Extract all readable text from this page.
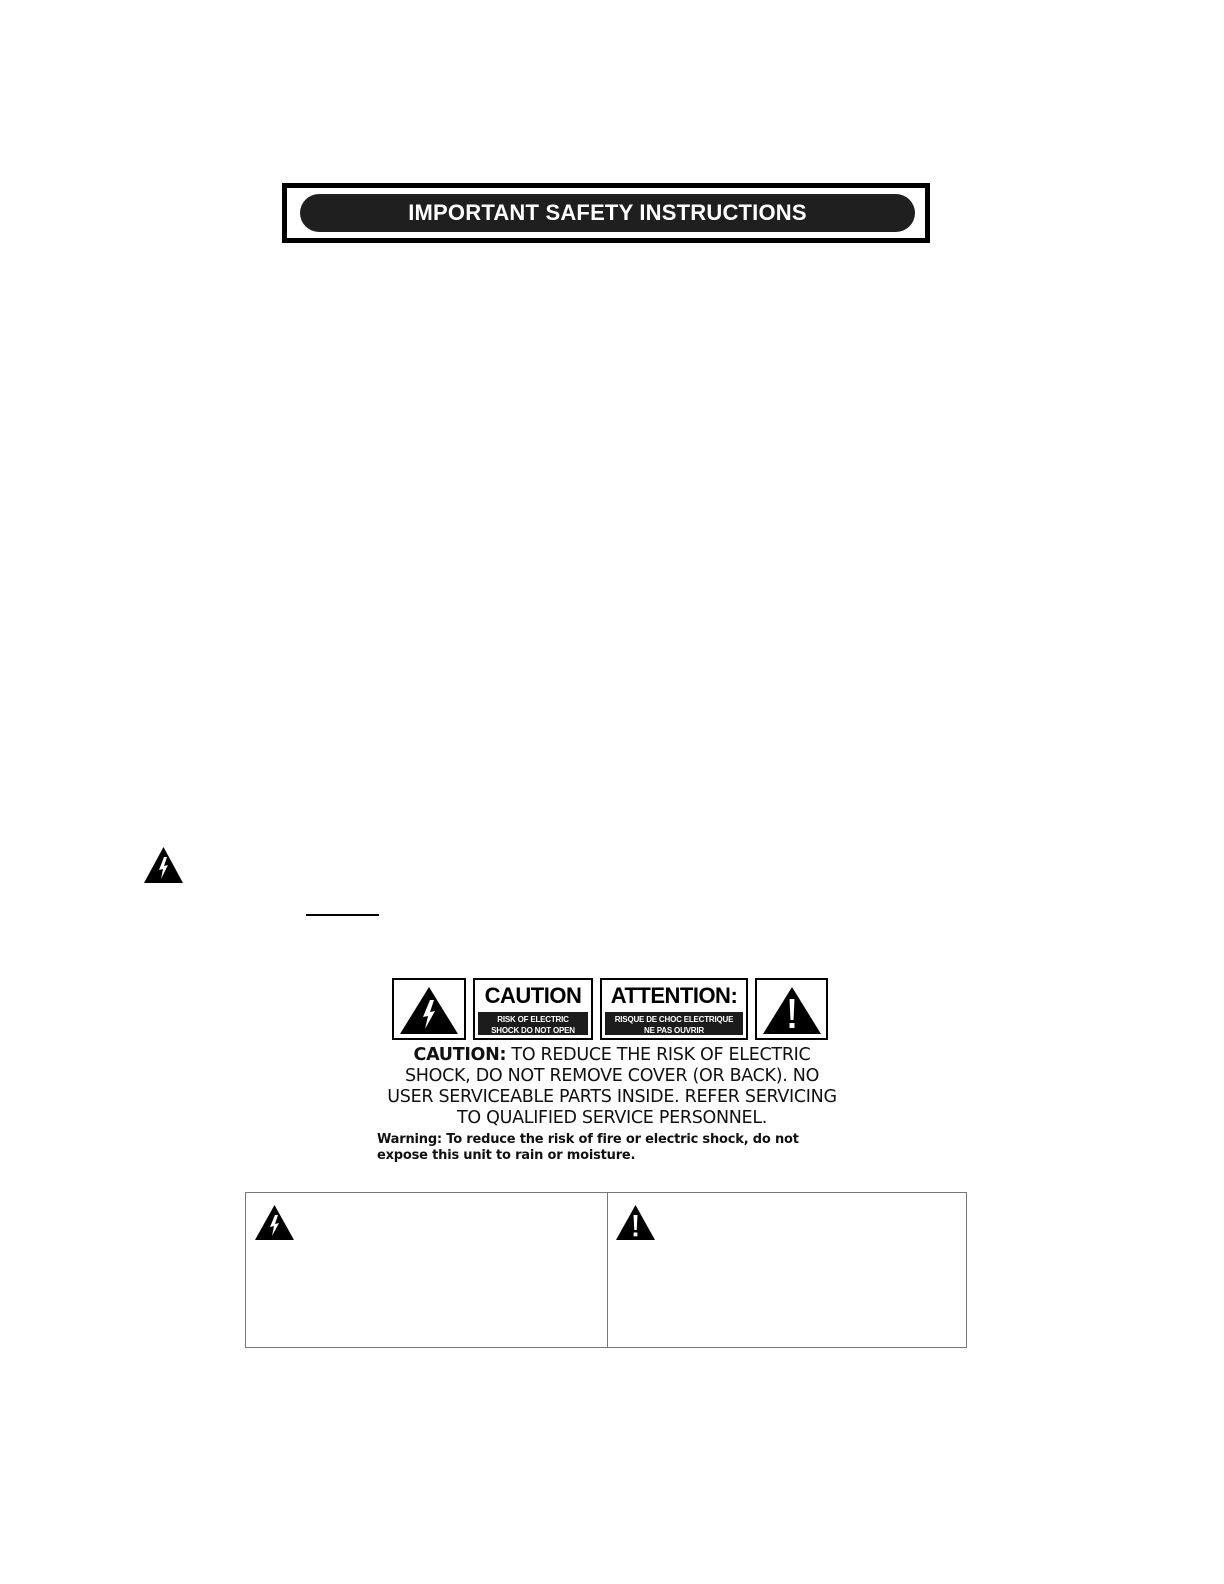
IMPORTANT SAFETY INSTRUCTIONS
CAUTION
RISK OF ELECTRIC
SHOCK DO NOT OPEN
ATTENTION:
RISQUE DE CHOC ELECTRIQUE
NE PAS OUVRIR
CAUTION: TO REDUCE THE RISK OF ELECTRIC
SHOCK, DO NOT REMOVE COVER (OR BACK). NO
USER SERVICEABLE PARTS INSIDE. REFER SERVICING
TO QUALIFIED SERVICE PERSONNEL.
Warning: To reduce the risk of fire or electric shock, do not
expose this unit to rain or moisture.
